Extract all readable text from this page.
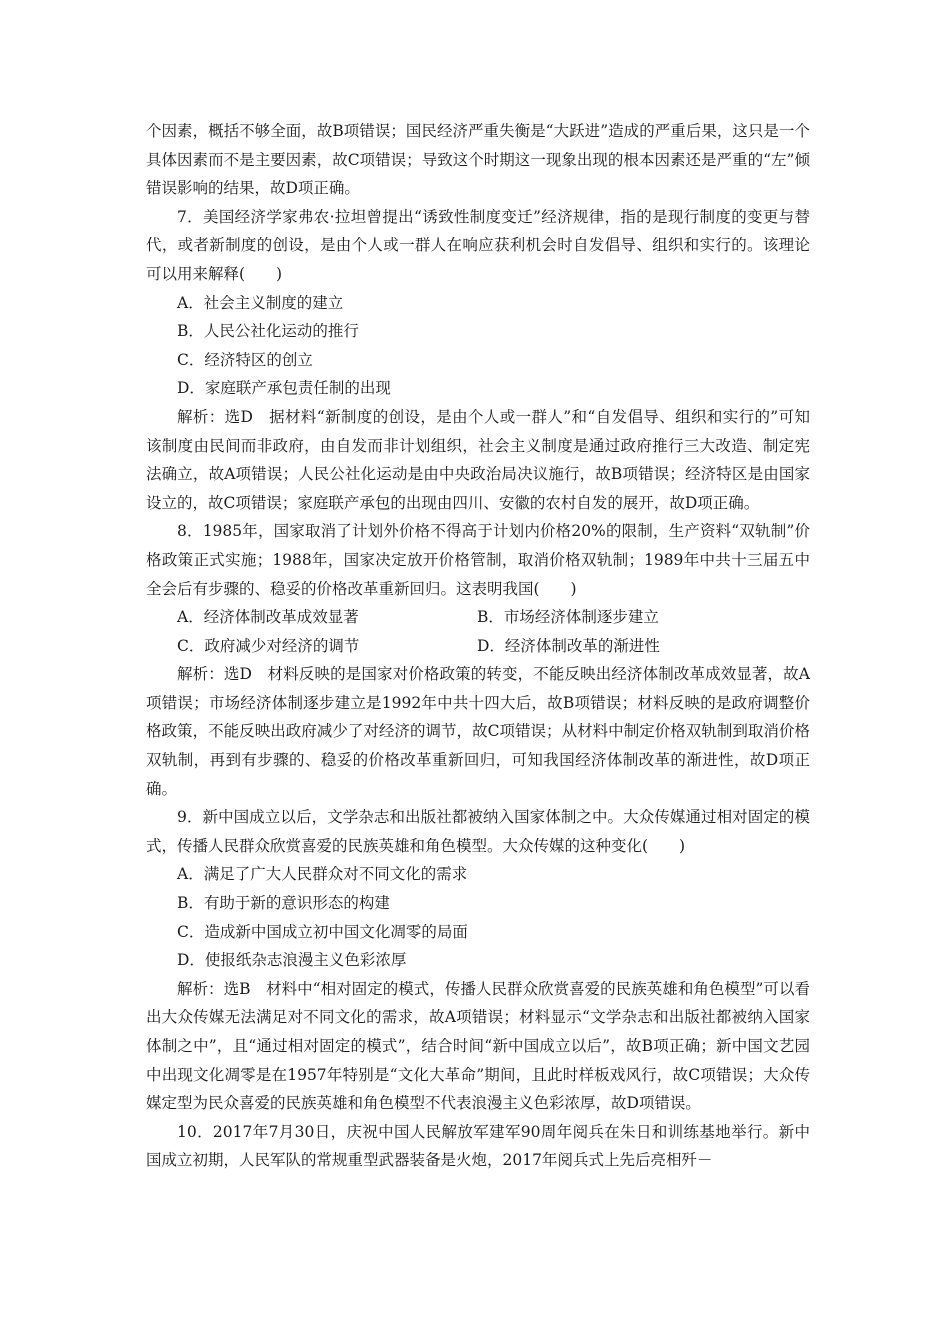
个因素，概括不够全面，故B项错误；国民经济严重失衡是“大跃进”造成的严重后果，这只是一个具体因素而不是主要因素，故C项错误；导致这个时期这一现象出现的根本因素还是严重的“左”倾错误影响的结果，故D项正确。

7．美国经济学家弗农·拉坦曾提出“诱致性制度变迁”经济规律，指的是现行制度的变更与替代，或者新制度的创设，是由个人或一群人在响应获利机会时自发倡导、组织和实行的。该理论可以用来解释(　　)

A．社会主义制度的建立

B．人民公社化运动的推行

C．经济特区的创立

D．家庭联产承包责任制的出现

解析：选D　据材料“新制度的创设，是由个人或一群人”和“自发倡导、组织和实行的”可知该制度由民间而非政府，由自发而非计划组织，社会主义制度是通过政府推行三大改造、制定宪法确立，故A项错误；人民公社化运动是由中央政治局决议施行，故B项错误；经济特区是由国家设立的，故C项错误；家庭联产承包的出现由四川、安徽的农村自发的展开，故D项正确。

8．1985年，国家取消了计划外价格不得高于计划内价格20%的限制，生产资料“双轨制”价格政策正式实施；1988年，国家决定放开价格管制，取消价格双轨制；1989年中共十三届五中全会后有步骤的、稳妥的价格改革重新回归。这表明我国(　　)

A．经济体制改革成效显著	B．市场经济体制逐步建立
C．政府减少对经济的调节	D．经济体制改革的渐进性

解析：选D　材料反映的是国家对价格政策的转变，不能反映出经济体制改革成效显著，故A项错误；市场经济体制逐步建立是1992年中共十四大后，故B项错误；材料反映的是政府调整价格政策，不能反映出政府减少了对经济的调节，故C项错误；从材料中制定价格双轨制到取消价格双轨制，再到有步骤的、稳妥的价格改革重新回归，可知我国经济体制改革的渐进性，故D项正确。

9．新中国成立以后，文学杂志和出版社都被纳入国家体制之中。大众传媒通过相对固定的模式，传播人民群众欣赏喜爱的民族英雄和角色模型。大众传媒的这种变化(　　)

A．满足了广大人民群众对不同文化的需求

B．有助于新的意识形态的构建

C．造成新中国成立初中国文化凋零的局面

D．使报纸杂志浪漫主义色彩浓厚

解析：选B　材料中“相对固定的模式，传播人民群众欣赏喜爱的民族英雄和角色模型”可以看出大众传媒无法满足对不同文化的需求，故A项错误；材料显示“文学杂志和出版社都被纳入国家体制之中”，且“通过相对固定的模式”，结合时间“新中国成立以后”，故B项正确；新中国文艺园中出现文化凋零是在1957年特别是“文化大革命”期间，且此时样板戏风行，故C项错误；大众传媒定型为民众喜爱的民族英雄和角色模型不代表浪漫主义色彩浓厚，故D项错误。

10．2017年7月30日，庆祝中国人民解放军建军90周年阅兵在朱日和训练基地举行。新中国成立初期，人民军队的常规重型武器装备是火炮，2017年阅兵式上先后亮相歼－
